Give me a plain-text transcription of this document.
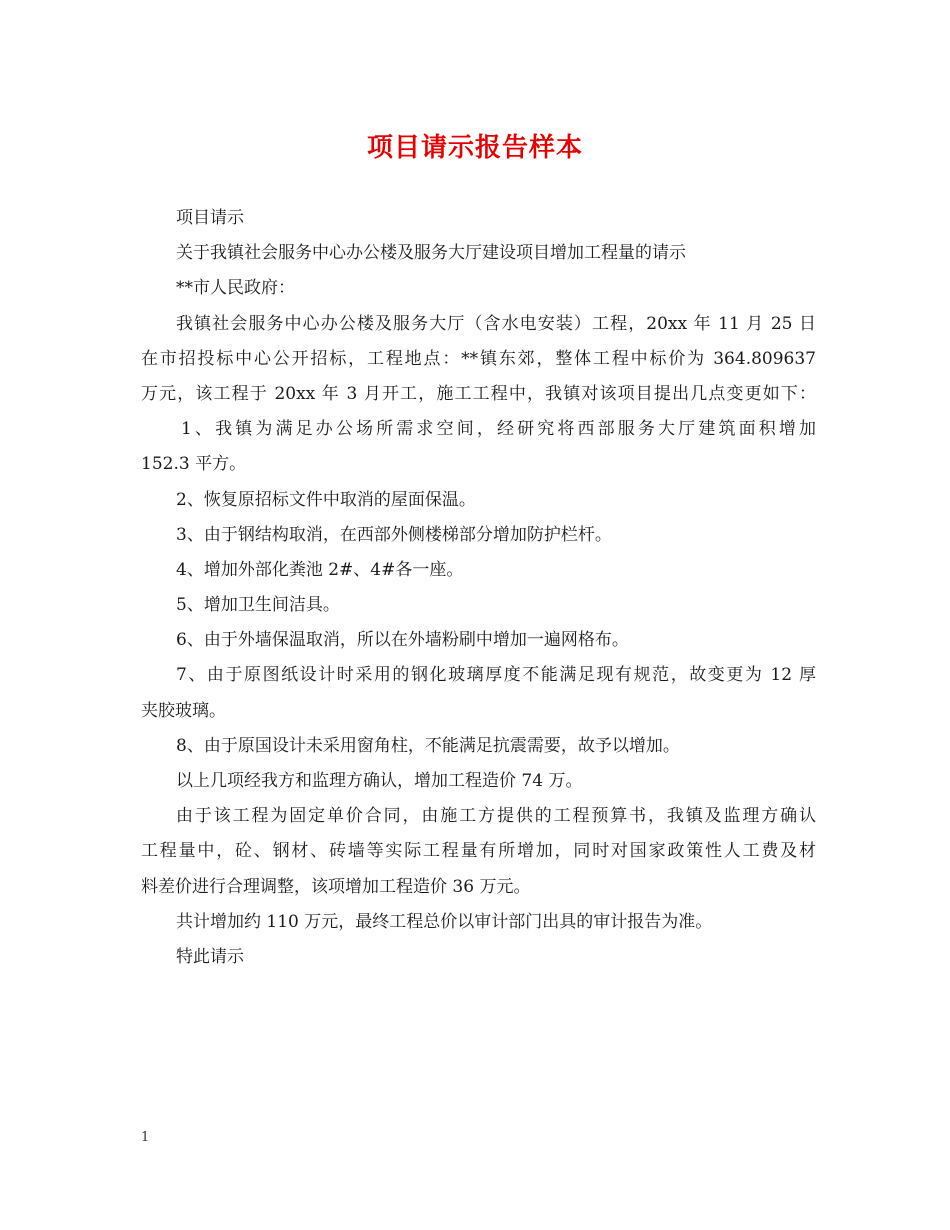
项目请示报告样本
项目请示
关于我镇社会服务中心办公楼及服务大厅建设项目增加工程量的请示
**市人民政府：
我镇社会服务中心办公楼及服务大厅（含水电安装）工程，20xx 年 11 月 25 日
在市招投标中心公开招标，工程地点：**镇东郊，整体工程中标价为 364.809637
万元，该工程于 20xx 年 3 月开工，施工工程中，我镇对该项目提出几点变更如下：
1、我镇为满足办公场所需求空间，经研究将西部服务大厅建筑面积增加
152.3 平方。
2、恢复原招标文件中取消的屋面保温。
3、由于钢结构取消，在西部外侧楼梯部分增加防护栏杆。
4、增加外部化粪池 2#、4#各一座。
5、增加卫生间洁具。
6、由于外墙保温取消，所以在外墙粉刷中增加一遍网格布。
7、由于原图纸设计时采用的钢化玻璃厚度不能满足现有规范，故变更为 12 厚
夹胶玻璃。
8、由于原国设计未采用窗角柱，不能满足抗震需要，故予以增加。
以上几项经我方和监理方确认，增加工程造价 74 万。
由于该工程为固定单价合同，由施工方提供的工程预算书，我镇及监理方确认
工程量中，砼、钢材、砖墙等实际工程量有所增加，同时对国家政策性人工费及材
料差价进行合理调整，该项增加工程造价 36 万元。
共计增加约 110 万元，最终工程总价以审计部门出具的审计报告为准。
特此请示
1
